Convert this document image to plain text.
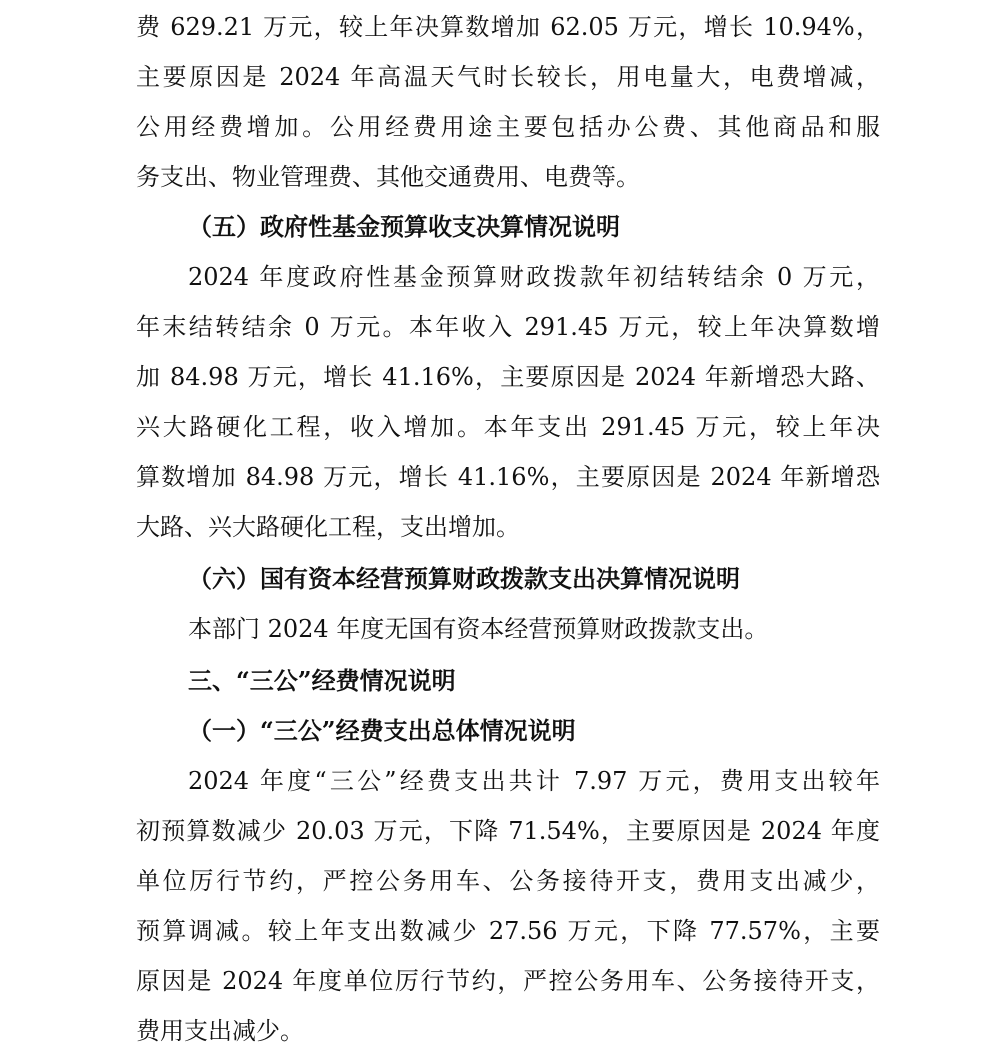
费 629.21 万元，较上年决算数增加 62.05 万元，增长 10.94%，
主要原因是 2024 年高温天气时长较长，用电量大，电费增减，
公用经费增加。公用经费用途主要包括办公费、其他商品和服
务支出、物业管理费、其他交通费用、电费等。
（五）政府性基金预算收支决算情况说明
2024 年度政府性基金预算财政拨款年初结转结余 0 万元，
年末结转结余 0 万元。本年收入 291.45 万元，较上年决算数增
加 84.98 万元，增长 41.16%，主要原因是 2024 年新增恐大路、
兴大路硬化工程，收入增加。本年支出 291.45 万元，较上年决
算数增加 84.98 万元，增长 41.16%，主要原因是 2024 年新增恐
大路、兴大路硬化工程，支出增加。
（六）国有资本经营预算财政拨款支出决算情况说明
本部门 2024 年度无国有资本经营预算财政拨款支出。
三、“三公”经费情况说明
（一）“三公”经费支出总体情况说明
2024 年度“三公”经费支出共计 7.97 万元，费用支出较年
初预算数减少 20.03 万元，下降 71.54%，主要原因是 2024 年度
单位厉行节约，严控公务用车、公务接待开支，费用支出减少，
预算调减。较上年支出数减少 27.56 万元，下降 77.57%，主要
原因是 2024 年度单位厉行节约，严控公务用车、公务接待开支，
费用支出减少。
